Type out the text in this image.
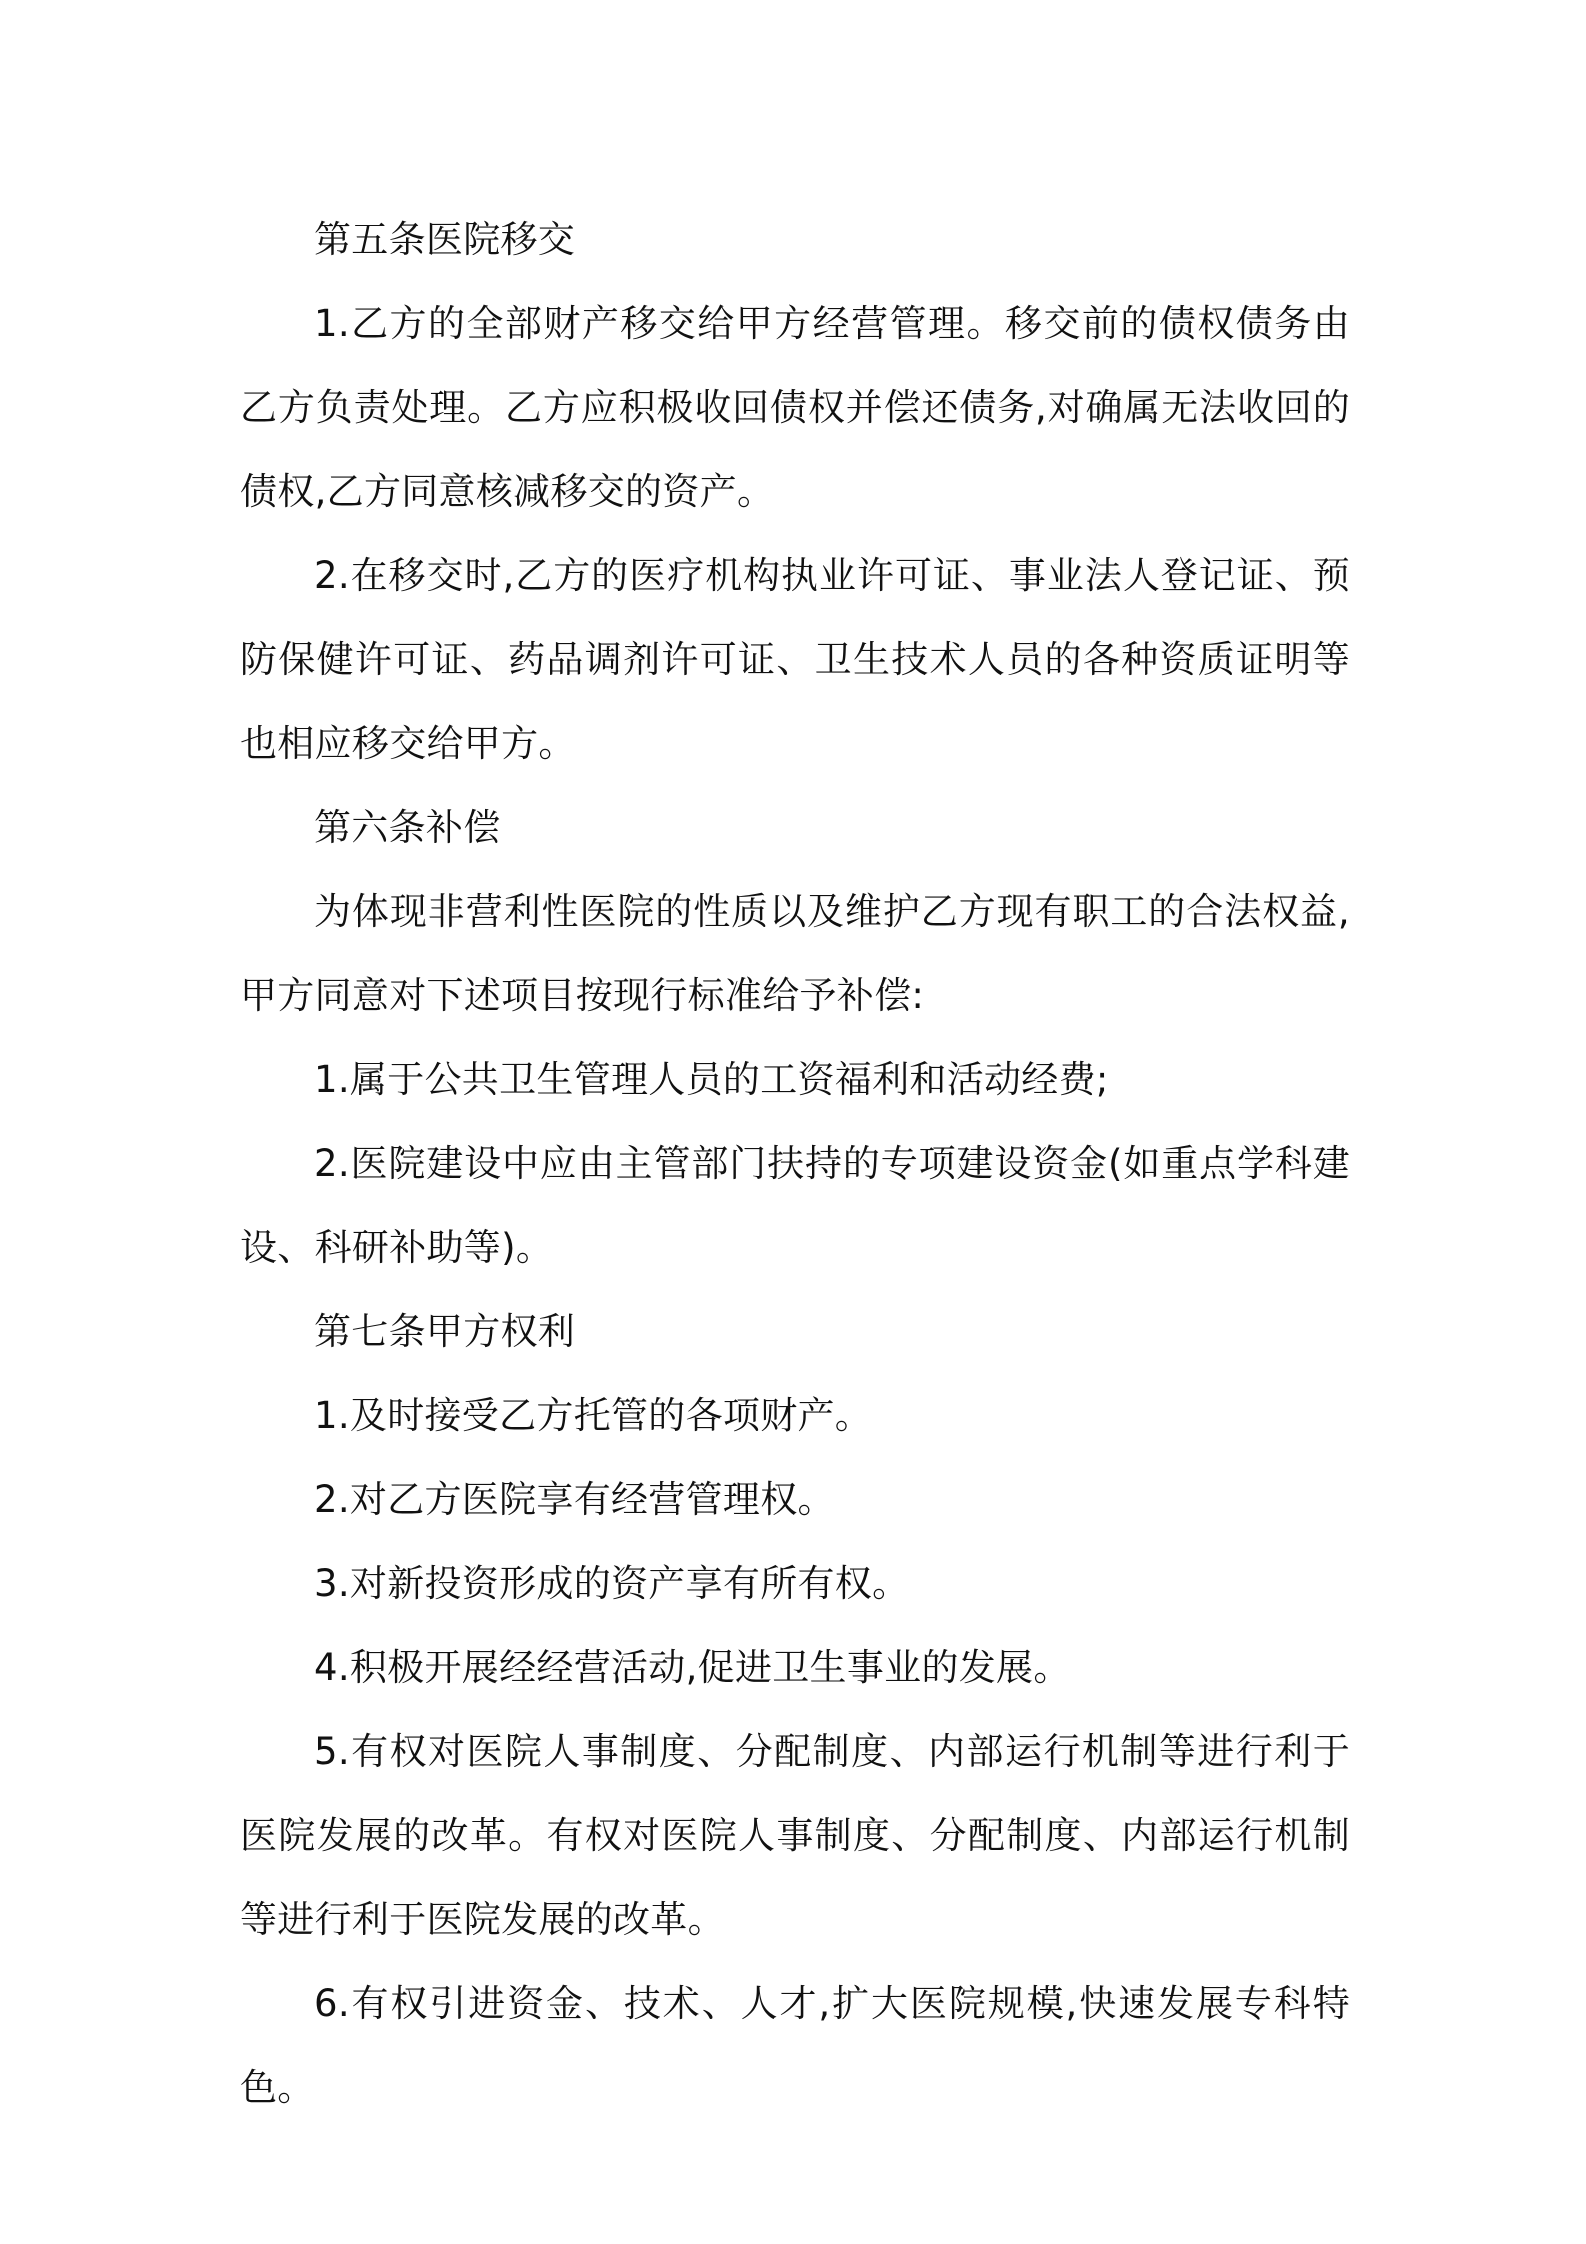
第五条医院移交

1.乙方的全部财产移交给甲方经营管理。移交前的债权债务由乙方负责处理。乙方应积极收回债权并偿还债务,对确属无法收回的债权,乙方同意核减移交的资产。

2.在移交时,乙方的医疗机构执业许可证、事业法人登记证、预防保健许可证、药品调剂许可证、卫生技术人员的各种资质证明等也相应移交给甲方。

第六条补偿

为体现非营利性医院的性质以及维护乙方现有职工的合法权益,甲方同意对下述项目按现行标准给予补偿:

1.属于公共卫生管理人员的工资福利和活动经费;

2.医院建设中应由主管部门扶持的专项建设资金(如重点学科建设、科研补助等)。

第七条甲方权利

1.及时接受乙方托管的各项财产。

2.对乙方医院享有经营管理权。

3.对新投资形成的资产享有所有权。

4.积极开展经经营活动,促进卫生事业的发展。

5.有权对医院人事制度、分配制度、内部运行机制等进行利于医院发展的改革。有权对医院人事制度、分配制度、内部运行机制等进行利于医院发展的改革。

6.有权引进资金、技术、人才,扩大医院规模,快速发展专科特色。
